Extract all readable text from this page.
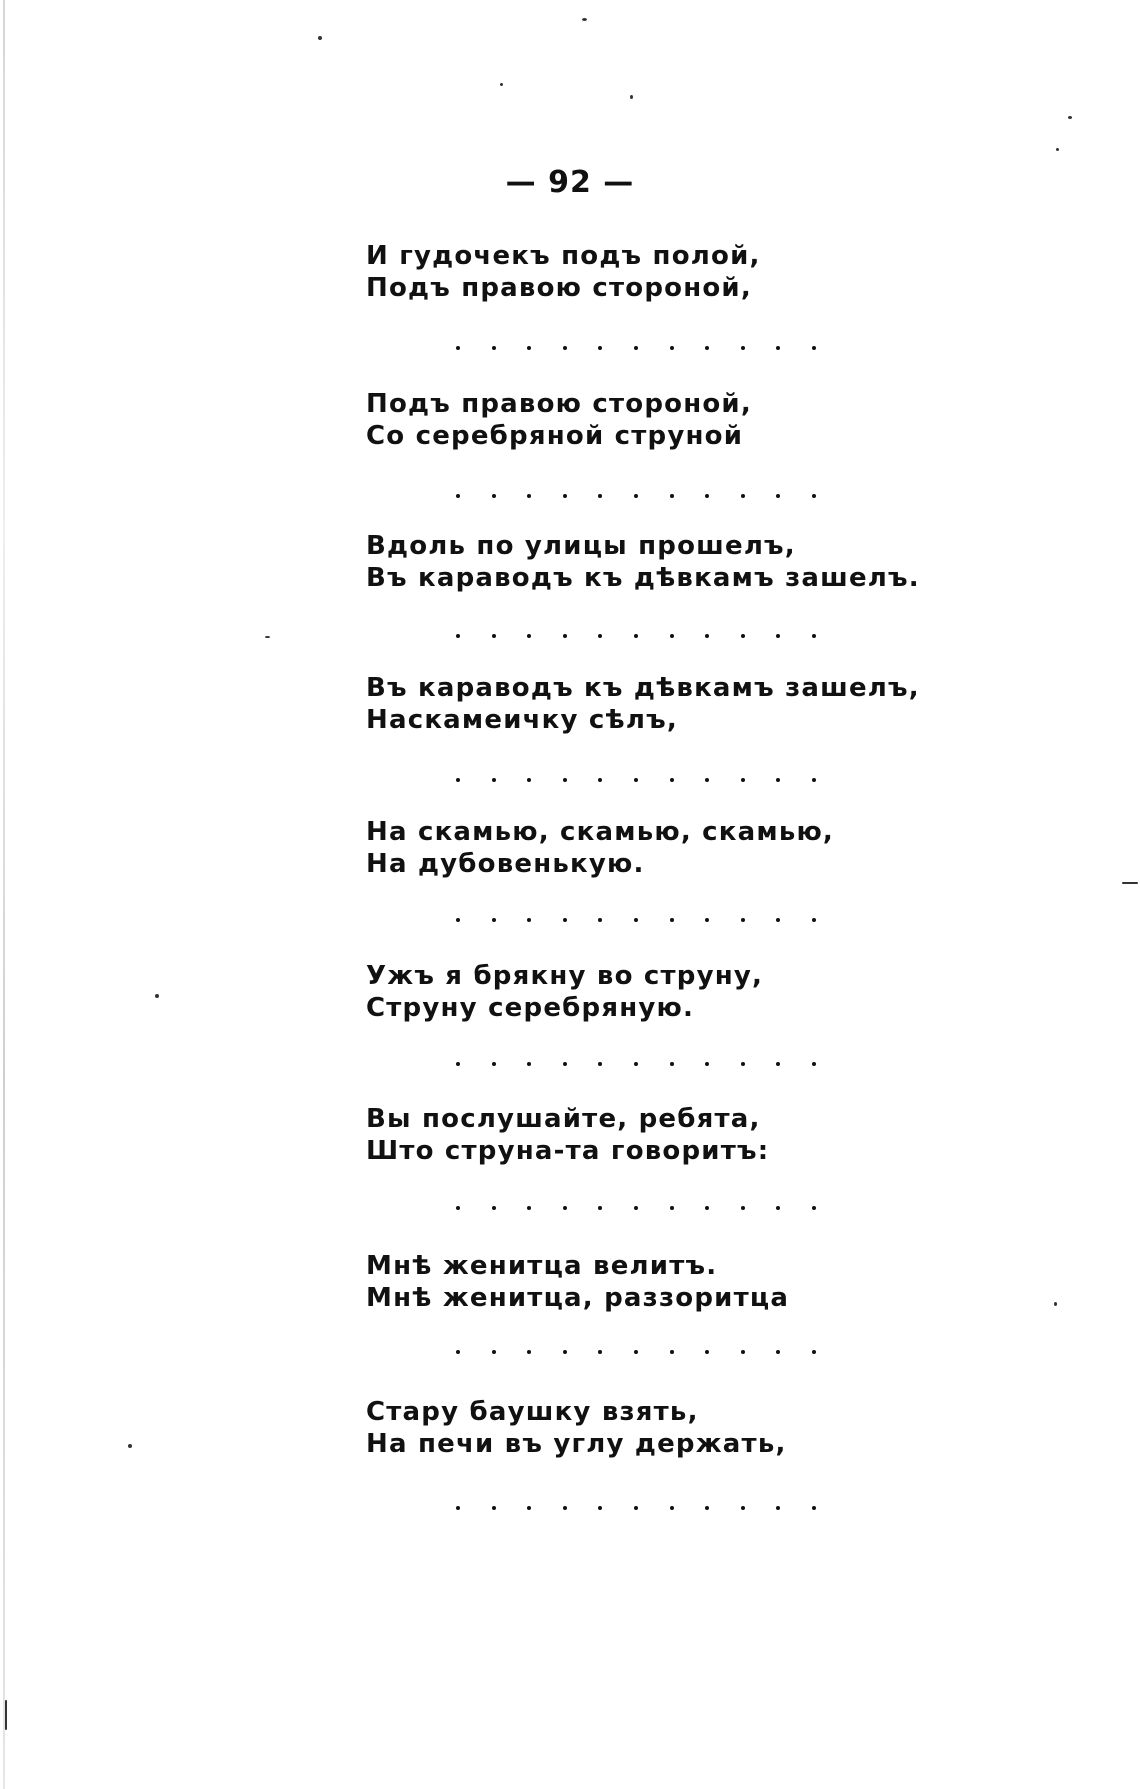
— 92 —
И гудочекъ подъ полой,
Подъ правою стороной,
Подъ правою стороной,
Со серебряной струной
Вдоль по улицы прошелъ,
Въ караводъ къ дѣвкамъ зашелъ.
Въ караводъ къ дѣвкамъ зашелъ,
Наскамеичку сѣлъ,
На скамью, скамью, скамью,
На дубовенькую.
Ужъ я брякну во струну,
Струну серебряную.
Вы послушайте, ребята,
Што струна-та говоритъ:
Мнѣ женитца велитъ.
Мнѣ женитца, раззоритца
Стару баушку взять,
На печи въ углу держать,
